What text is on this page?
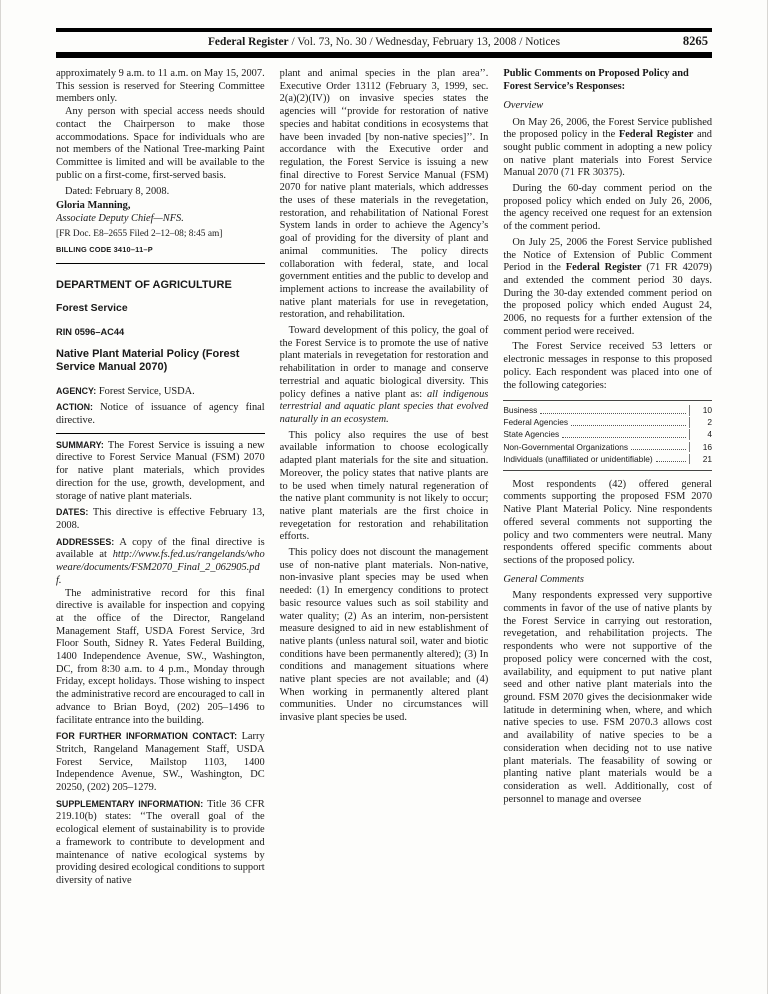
Federal Register / Vol. 73, No. 30 / Wednesday, February 13, 2008 / Notices	8265

approximately 9 a.m. to 11 a.m. on May 15, 2007. This session is reserved for Steering Committee members only.

Any person with special access needs should contact the Chairperson to make those accommodations. Space for individuals who are not members of the National Tree-marking Paint Committee is limited and will be available to the public on a first-come, first-served basis.

Dated: February 8, 2008.

Gloria Manning,

Associate Deputy Chief—NFS.

[FR Doc. E8–2655 Filed 2–12–08; 8:45 am]

BILLING CODE 3410–11–P

DEPARTMENT OF AGRICULTURE
Forest Service

RIN 0596–AC44

Native Plant Material Policy (Forest Service Manual 2070)

AGENCY: Forest Service, USDA.

ACTION: Notice of issuance of agency final directive.

SUMMARY: The Forest Service is issuing a new directive to Forest Service Manual (FSM) 2070 for native plant materials, which provides direction for the use, growth, development, and storage of native plant materials.

DATES: This directive is effective February 13, 2008.

ADDRESSES: A copy of the final directive is available at http://www.fs.fed.us/rangelands/whoweare/documents/FSM2070_Final_2_062905.pdf.

The administrative record for this final directive is available for inspection and copying at the office of the Director, Rangeland Management Staff, USDA Forest Service, 3rd Floor South, Sidney R. Yates Federal Building, 1400 Independence Avenue, SW., Washington, DC, from 8:30 a.m. to 4 p.m., Monday through Friday, except holidays. Those wishing to inspect the administrative record are encouraged to call in advance to Brian Boyd, (202) 205–1496 to facilitate entrance into the building.

FOR FURTHER INFORMATION CONTACT: Larry Stritch, Rangeland Management Staff, USDA Forest Service, Mailstop 1103, 1400 Independence Avenue, SW., Washington, DC 20250, (202) 205–1279.

SUPPLEMENTARY INFORMATION: Title 36 CFR 219.10(b) states: ‘‘The overall goal of the ecological element of sustainability is to provide a framework to contribute to development and maintenance of native ecological systems by providing desired ecological conditions to support diversity of native

plant and animal species in the plan area’’. Executive Order 13112 (February 3, 1999, sec. 2(a)(2)(IV)) on invasive species states the agencies will ‘‘provide for restoration of native species and habitat conditions in ecosystems that have been invaded [by non-native species]’’. In accordance with the Executive order and regulation, the Forest Service is issuing a new final directive to Forest Service Manual (FSM) 2070 for native plant materials, which addresses the uses of these materials in the revegetation, restoration, and rehabilitation of National Forest System lands in order to achieve the Agency’s goal of providing for the diversity of plant and animal communities. The policy directs collaboration with federal, state, and local government entities and the public to develop and implement actions to increase the availability of native plant materials for use in revegetation, restoration, and rehabilitation.

Toward development of this policy, the goal of the Forest Service is to promote the use of native plant materials in revegetation for restoration and rehabilitation in order to manage and conserve terrestrial and aquatic biological diversity. This policy defines a native plant as: all indigenous terrestrial and aquatic plant species that evolved naturally in an ecosystem.

This policy also requires the use of best available information to choose ecologically adapted plant materials for the site and situation. Moreover, the policy states that native plants are to be used when timely natural regeneration of the native plant community is not likely to occur; native plant materials are the first choice in revegetation for restoration and rehabilitation efforts.

This policy does not discount the management use of non-native plant materials. Non-native, non-invasive plant species may be used when needed: (1) In emergency conditions to protect basic resource values such as soil stability and water quality; (2) As an interim, non-persistent measure designed to aid in new establishment of native plants (unless natural soil, water and biotic conditions have been permanently altered); (3) In conditions and management situations where native plant species are not available; and (4) When working in permanently altered plant communities. Under no circumstances will invasive plant species be used.

Public Comments on Proposed Policy and Forest Service’s Responses:

Overview

On May 26, 2006, the Forest Service published the proposed policy in the Federal Register and sought public comment in adopting a new policy on native plant materials into Forest Service Manual 2070 (71 FR 30375).

During the 60-day comment period on the proposed policy which ended on July 26, 2006, the agency received one request for an extension of the comment period.

On July 25, 2006 the Forest Service published the Notice of Extension of Public Comment Period in the Federal Register (71 FR 42079) and extended the comment period 30 days. During the 30-day extended comment period on the proposed policy which ended August 24, 2006, no requests for a further extension of the comment period were received.

The Forest Service received 53 letters or electronic messages in response to this proposed policy. Each respondent was placed into one of the following categories:

Business	10
Federal Agencies	2
State Agencies	4
Non-Governmental Organizations	16
Individuals (unaffiliated or unidentifiable)	21

Most respondents (42) offered general comments supporting the proposed FSM 2070 Native Plant Material Policy. Nine respondents offered several comments not supporting the policy and two commenters were neutral. Many respondents offered specific comments about sections of the proposed policy.

General Comments

Many respondents expressed very supportive comments in favor of the use of native plants by the Forest Service in carrying out restoration, revegetation, and rehabilitation projects. The respondents who were not supportive of the proposed policy were concerned with the cost, availability, and equipment to put native plant seed and other native plant materials into the ground. FSM 2070 gives the decisionmaker wide latitude in determining when, where, and which native species to use. FSM 2070.3 allows cost and availability of native species to be a consideration when deciding not to use native plant materials. The feasability of sowing or planting native plant materials would be a consideration as well. Additionally, cost of personnel to manage and oversee
